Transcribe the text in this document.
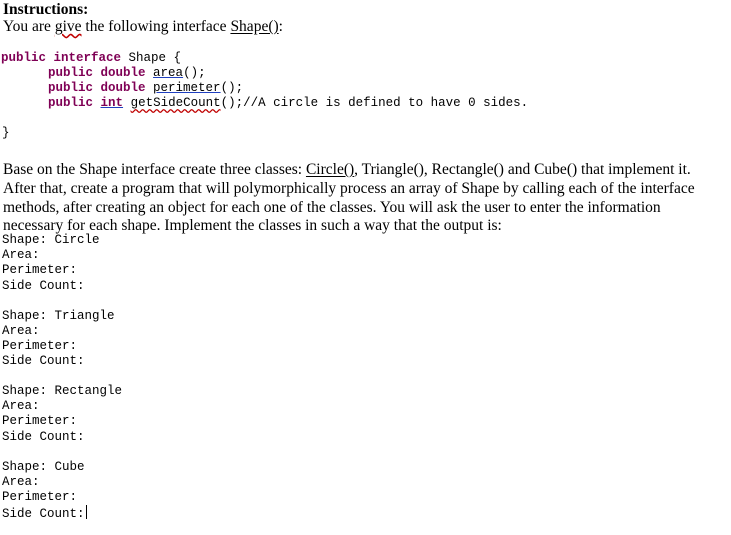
Instructions:
You are give the following interface Shape():
public interface Shape {
public double area();
public double perimeter();
public int getSideCount();//A circle is defined to have 0 sides.
}
Base on the Shape interface create three classes: Circle(), Triangle(), Rectangle() and Cube() that implement it.
After that, create a program that will polymorphically process an array of Shape by calling each of the interface
methods, after creating an object for each one of the classes. You will ask the user to enter the information
necessary for each shape. Implement the classes in such a way that the output is:
Shape: Circle
Area:
Perimeter:
Side Count:
Shape: Triangle
Area:
Perimeter:
Side Count:
Shape: Rectangle
Area:
Perimeter:
Side Count:
Shape: Cube
Area:
Perimeter:
Side Count:
